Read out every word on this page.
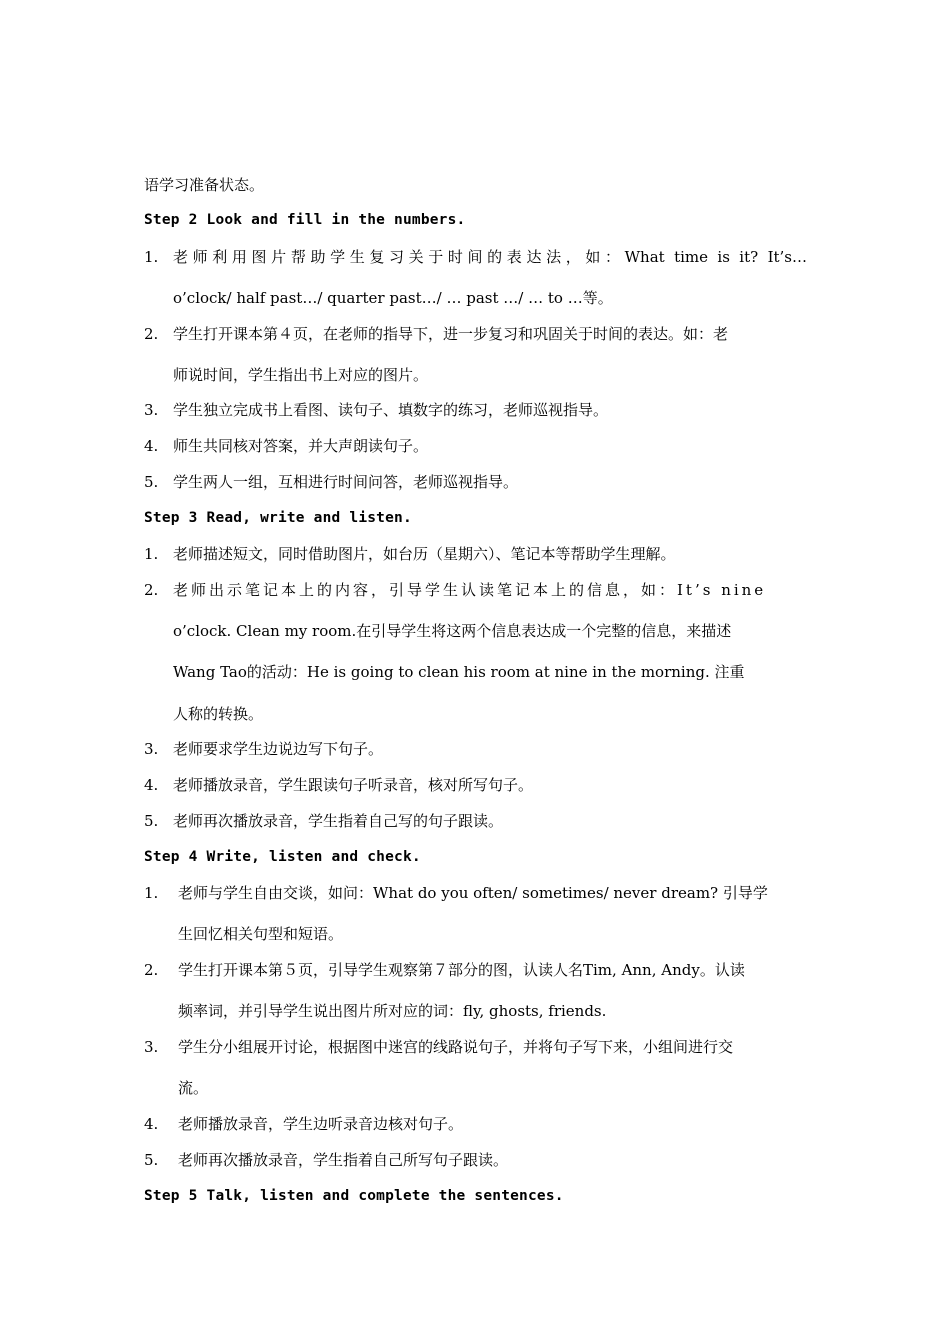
语学习准备状态。
Step 2 Look and fill in the numbers.
1. 老师利用图片帮助学生复习关于时间的表达法，如：What time is it? It’s…
o’clock/ half past…/ quarter past…/ … past …/ … to …等。
2. 学生打开课本第４页，在老师的指导下，进一步复习和巩固关于时间的表达。如：老
师说时间，学生指出书上对应的图片。
3. 学生独立完成书上看图、读句子、填数字的练习，老师巡视指导。
4. 师生共同核对答案，并大声朗读句子。
5. 学生两人一组，互相进行时间问答，老师巡视指导。
Step 3 Read, write and listen.
1. 老师描述短文，同时借助图片，如台历（星期六）、笔记本等帮助学生理解。
2. 老师出示笔记本上的内容，引导学生认读笔记本上的信息，如：It’s nine
o’clock. Clean my room.在引导学生将这两个信息表达成一个完整的信息，来描述
Wang Tao的活动：He is going to clean his room at nine in the morning. 注重
人称的转换。
3. 老师要求学生边说边写下句子。
4. 老师播放录音，学生跟读句子听录音，核对所写句子。
5. 老师再次播放录音，学生指着自己写的句子跟读。
Step 4 Write, listen and check.
1.	老师与学生自由交谈，如问：What do you often/ sometimes/ never dream? 引导学
生回忆相关句型和短语。
2.	学生打开课本第５页，引导学生观察第７部分的图，认读人名Tim, Ann, Andy。认读
频率词，并引导学生说出图片所对应的词：fly, ghosts, friends.
3.	学生分小组展开讨论，根据图中迷宫的线路说句子，并将句子写下来，小组间进行交
流。
4.	老师播放录音，学生边听录音边核对句子。
5.	老师再次播放录音，学生指着自己所写句子跟读。
Step 5 Talk, listen and complete the sentences.
